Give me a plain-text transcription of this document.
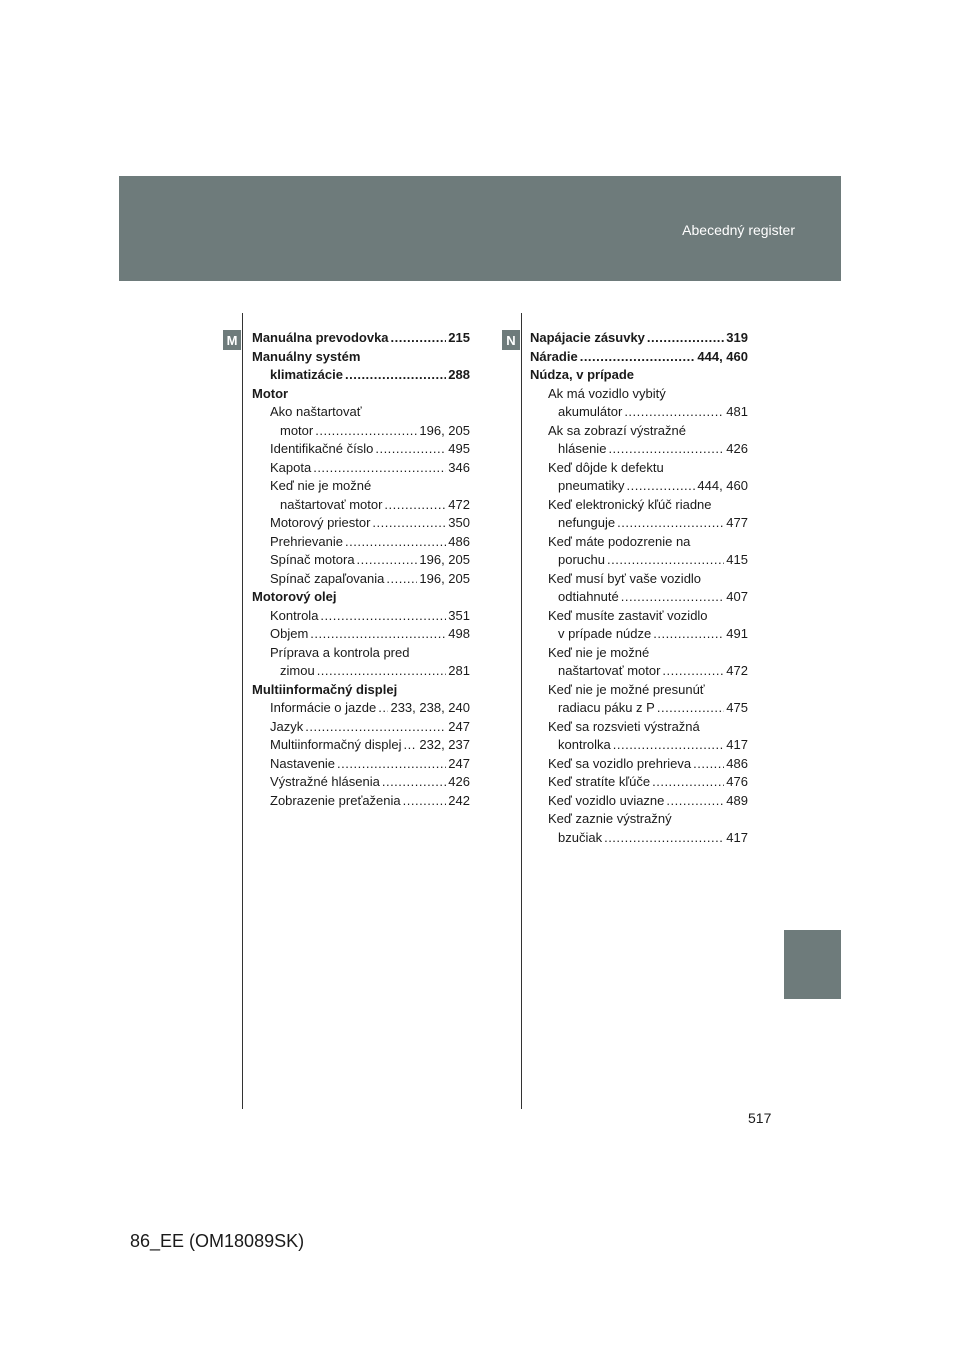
Abecedný register
M	N
Manuálna prevodovka .....	215
Manuálny systém
klimatizácie .....	288
Motor
Ako naštartovať
motor .....	196, 205
Identifikačné číslo .....	495
Kapota .....	346
Keď nie je možné
naštartovať motor .....	472
Motorový priestor .....	350
Prehrievanie .....	486
Spínač motora .....	196, 205
Spínač zapaľovania .....	196, 205
Motorový olej
Kontrola .....	351
Objem .....	498
Príprava a kontrola pred
zimou .....	281
Multiinformačný displej
Informácie o jazde ..... 233, 238, 240
Jazyk .....	247
Multiinformačný displej ..... 232, 237
Nastavenie .....	247
Výstražné hlásenia .....	426
Zobrazenie preťaženia .....	242
Napájacie zásuvky .....	319
Náradie .....	444, 460
Núdza, v prípade
Ak má vozidlo vybitý
akumulátor .....	481
Ak sa zobrazí výstražné
hlásenie .....	426
Keď dôjde k defektu
pneumatiky .....	444, 460
Keď elektronický kľúč riadne
nefunguje .....	477
Keď máte podozrenie na
poruchu .....	415
Keď musí byť vaše vozidlo
odtiahnuté .....	407
Keď musíte zastaviť vozidlo
v prípade núdze .....	491
Keď nie je možné
naštartovať motor .....	472
Keď nie je možné presunúť
radiacu páku z P .....	475
Keď sa rozsvieti výstražná
kontrolka .....	417
Keď sa vozidlo prehrieva .....	486
Keď stratíte kľúče .....	476
Keď vozidlo uviazne .....	489
Keď zaznie výstražný
bzučiak .....	417
517
86_EE (OM18089SK)
